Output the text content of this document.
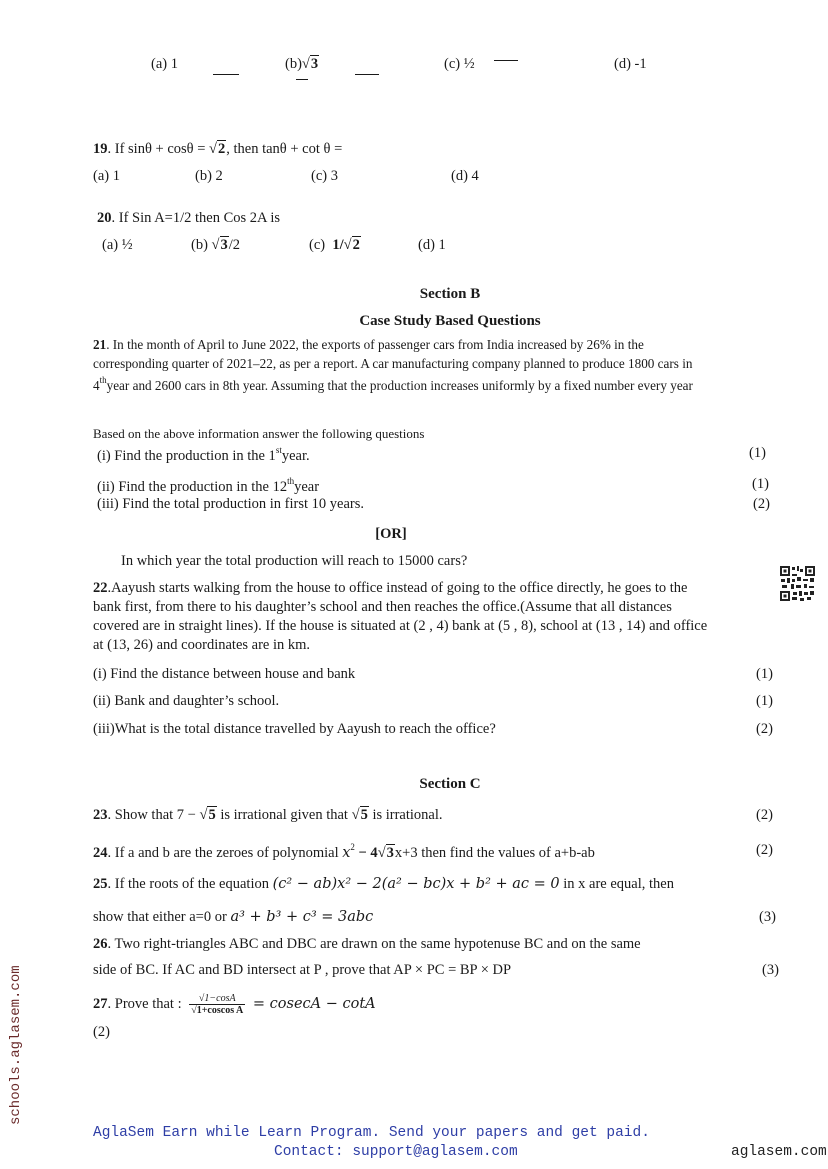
(a) 1	(b)√3	(c) ½	(d) -1
19. If sinθ + cosθ = √2, then tanθ + cot θ =
(a) 1	(b) 2	(c) 3	(d) 4
20. If Sin A=1/2 then Cos 2A is
(a) ½	(b) √3/2	(c) 1/√2	(d) 1
Section B
Case Study Based Questions
21. In the month of April to June 2022, the exports of passenger cars from India increased by 26% in the
corresponding quarter of 2021–22, as per a report. A car manufacturing company planned to produce 1800 cars in
4thyear and 2600 cars in 8th year. Assuming that the production increases uniformly by a fixed number every year
Based on the above information answer the following questions
(i) Find the production in the 1styear.	(1)
(ii) Find the production in the 12thyear	(1)
(iii) Find the total production in first 10 years.	(2)
[OR]
In which year the total production will reach to 15000 cars?
22.Aayush starts walking from the house to office instead of going to the office directly, he goes to the
bank first, from there to his daughter’s school and then reaches the office.(Assume that all distances
covered are in straight lines). If the house is situated at (2 , 4) bank at (5 , 8), school at (13 , 14) and office
at (13, 26) and coordinates are in km.
(i) Find the distance between house and bank	(1)
(ii) Bank and daughter’s school.	(1)
(iii)What is the total distance travelled by Aayush to reach the office?	(2)
Section C
23. Show that 7 − √5 is irrational given that √5 is irrational.	(2)
24. If a and b are the zeroes of polynomial $x^2 - 4√3x+3$ then find the values of a+b-ab	(2)
25. If the roots of the equation (c² − ab)x² − 2(a² − bc)x + b² + ac = 0 in x are equal, then
show that either a=0 or a³ + b³ + c³ = 3abc	(3)
26. Two right-triangles ABC and DBC are drawn on the same hypotenuse BC and on the same
side of BC. If AC and BD intersect at P , prove that AP × PC = BP × DP	(3)
27. Prove that : $\frac{√1-\cos A}{\text{√1+coscos A}} = cosecA - \cot A$
(2)
schools.aglasem.com
AglaSem Earn while Learn Program. Send your papers and get paid.
Contact: support@aglasem.com	aglasem.com
